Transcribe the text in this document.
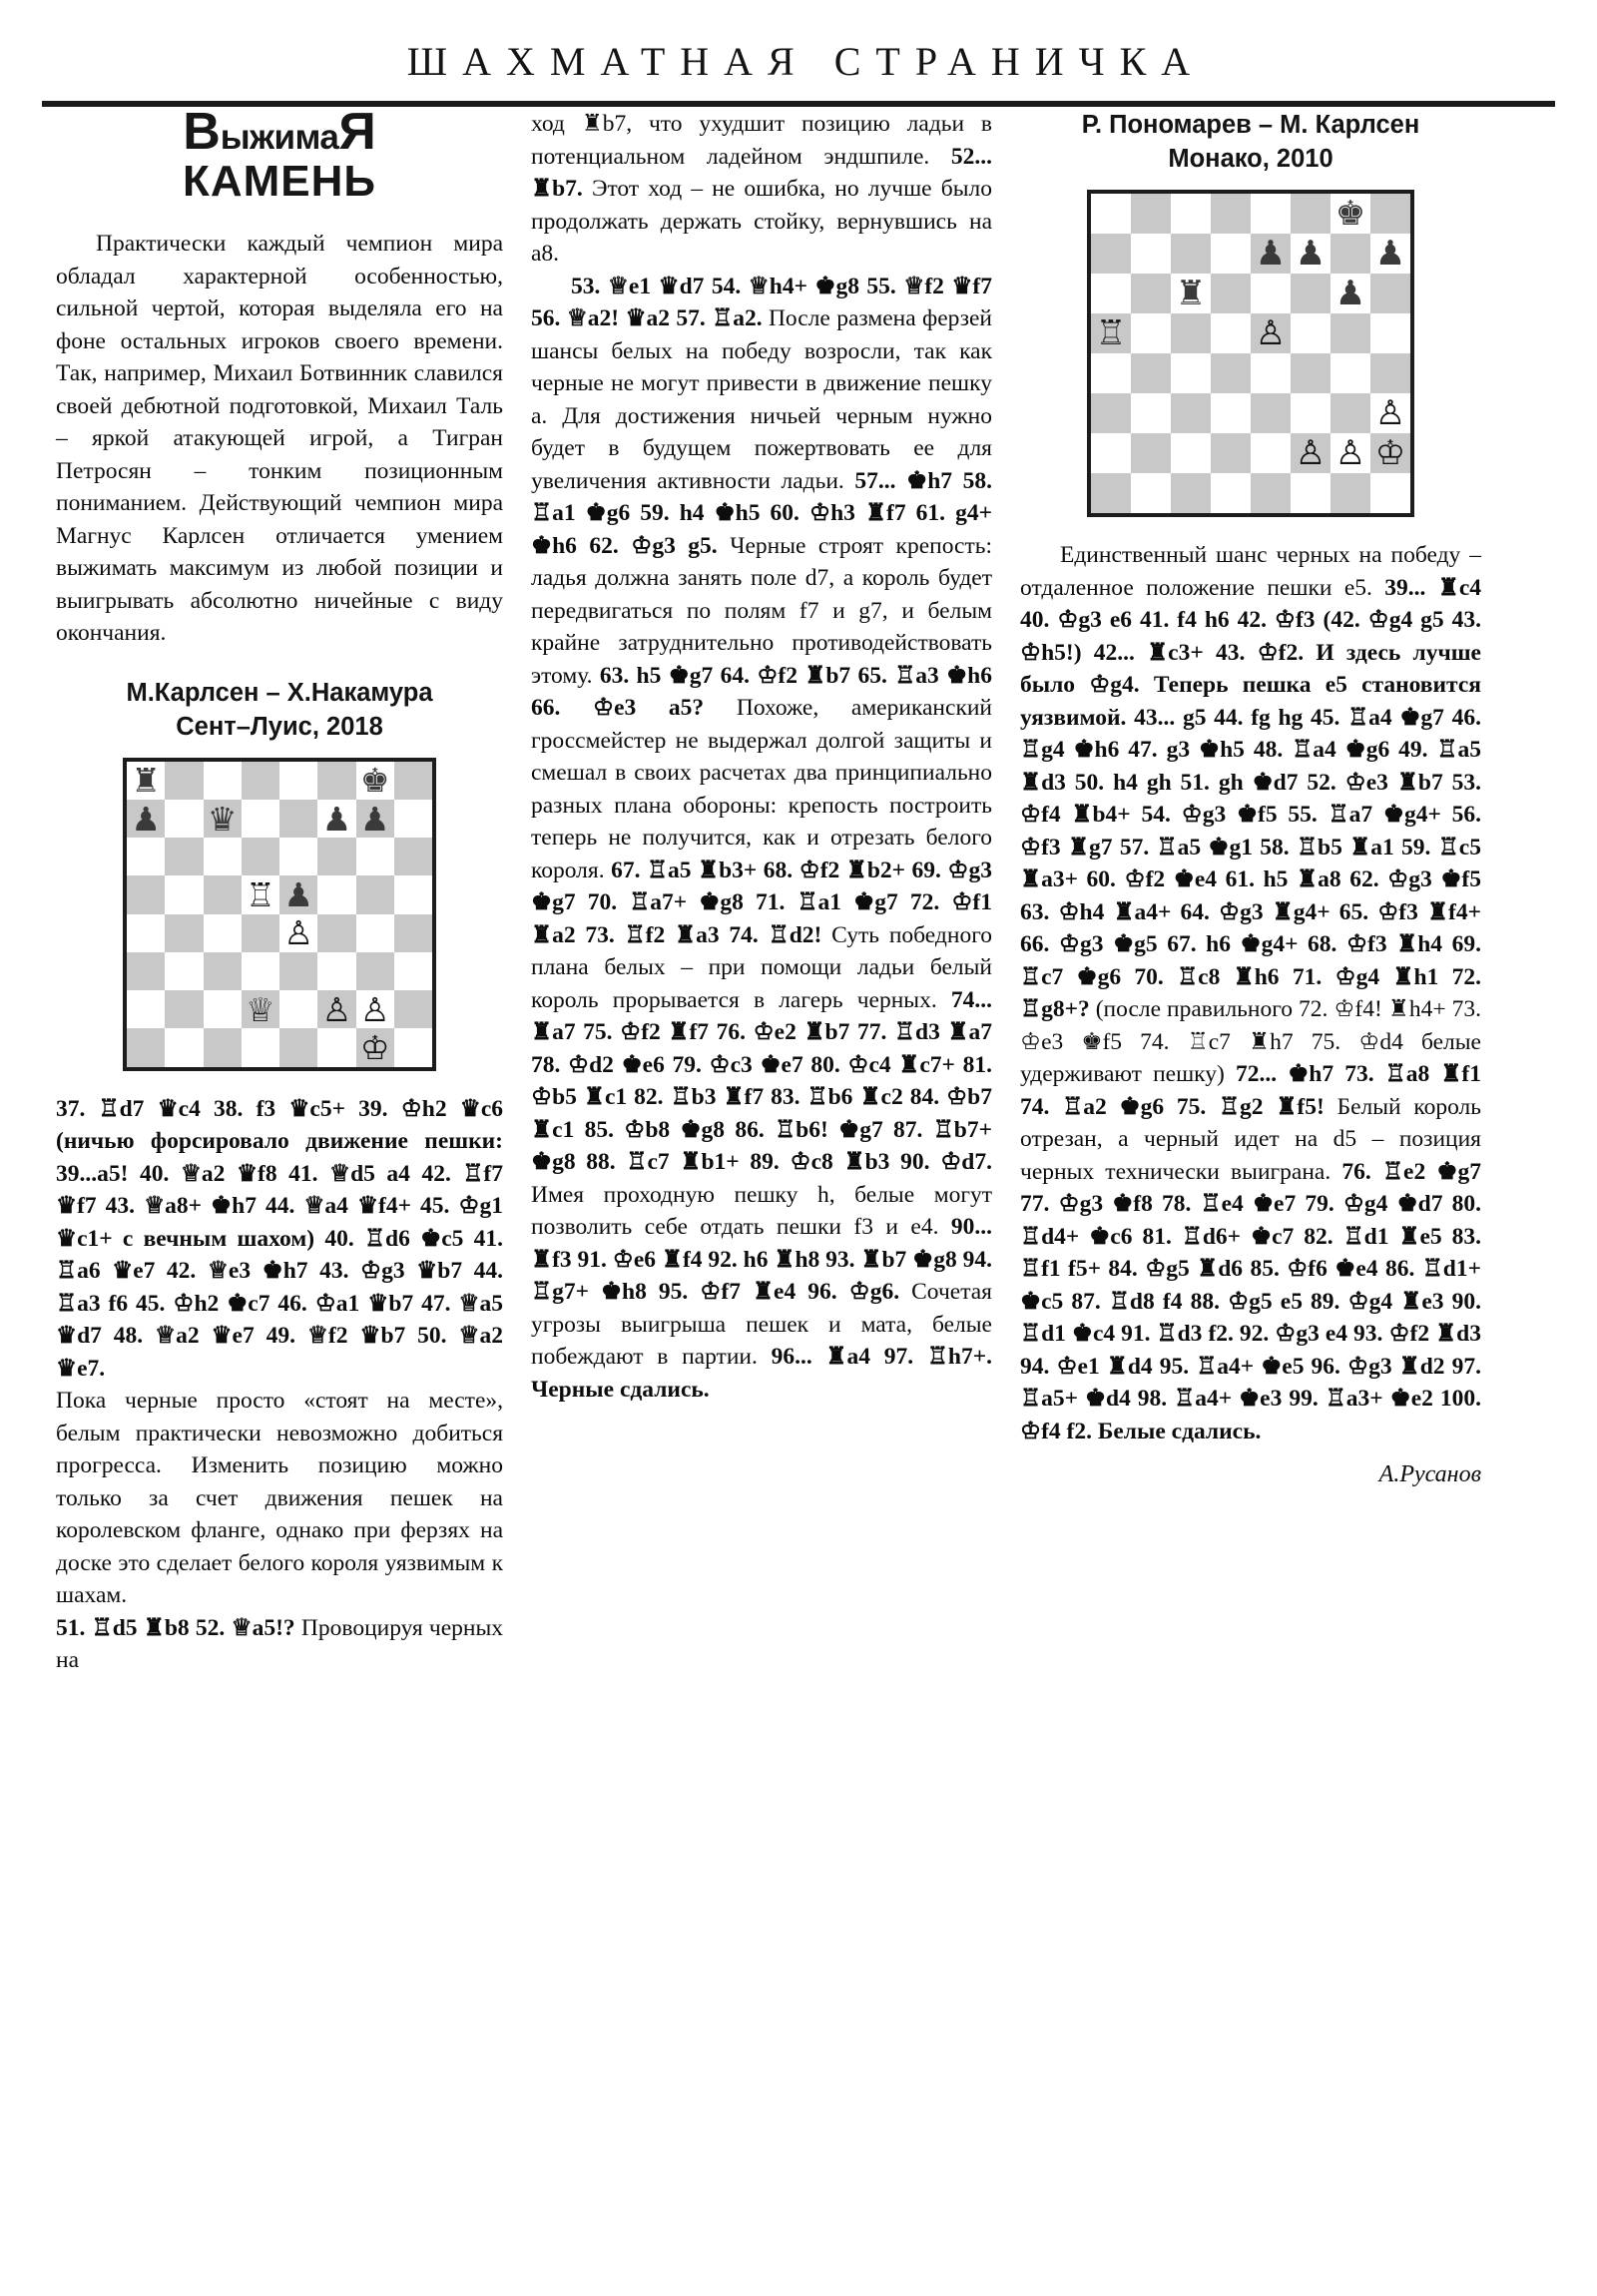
ШАХМАТНАЯ СТРАНИЧКА
ВыжимаЯ
КАМЕНЬ

Практически каждый чемпион мира обладал характерной особенностью, сильной чертой, которая выделяла его на фоне остальных игроков своего времени. Так, например, Михаил Ботвинник славился своей дебютной подготовкой, Михаил Таль – яркой атакующей игрой, а Тигран Петросян – тонким позиционным пониманием. Действующий чемпион мира Магнус Карлсен отличается умением выжимать максимум из любой позиции и выигрывать абсолютно ничейные с виду окончания.

М.Карлсен – Х.Накамура
Сент–Луис, 2018
♜	♚
♟ ♛	♟ ♟
♖ ♟
♙
♕ ♙ ♙
♔
37. ♖d7 ♛c4 38. f3 ♛c5+ 39. ♔h2 ♛c6 (ничью форсировало движение пешки: 39...a5! 40. ♕a2 ♛f8 41. ♕d5 a4 42. ♖f7 ♛f7 43. ♕a8+ ♚h7 44. ♕a4 ♛f4+ 45. ♔g1 ♛c1+ с вечным шахом) 40. ♖d6 ♚c5 41. ♖a6 ♛e7 42. ♕e3 ♚h7 43. ♔g3 ♛b7 44. ♖a3 f6 45. ♔h2 ♚c7 46. ♔a1 ♛b7 47. ♕a5 ♛d7 48. ♕a2 ♛e7 49. ♕f2 ♛b7 50. ♕a2 ♛e7.

Пока черные просто «стоят на месте», белым практически невозможно добиться прогресса. Изменить позицию можно только за счет движения пешек на королевском фланге, однако при ферзях на доске это сделает белого короля уязвимым к шахам.

51. ♖d5 ♜b8 52. ♕a5!? Провоцируя черных на

ход ♜b7, что ухудшит позицию ладьи в потенциальном ладейном эндшпиле. 52... ♜b7. Этот ход – не ошибка, но лучше было продолжать держать стойку, вернувшись на a8.

53. ♕e1 ♛d7 54. ♕h4+ ♚g8 55. ♕f2 ♛f7 56. ♕a2! ♛a2 57. ♖a2. После размена ферзей шансы белых на победу возросли, так как черные не могут привести в движение пешку a. Для достижения ничьей черным нужно будет в будущем пожертвовать ее для увеличения активности ладьи. 57... ♚h7 58. ♖a1 ♚g6 59. h4 ♚h5 60. ♔h3 ♜f7 61. g4+ ♚h6 62. ♔g3 g5. Черные строят крепость: ладья должна занять поле d7, а король будет передвигаться по полям f7 и g7, и белым крайне затруднительно противодействовать этому. 63. h5 ♚g7 64. ♔f2 ♜b7 65. ♖a3 ♚h6 66. ♔e3 a5? Похоже, американский гроссмейстер не выдержал долгой защиты и смешал в своих расчетах два принципиально разных плана обороны: крепость построить теперь не получится, как и отрезать белого короля. 67. ♖a5 ♜b3+ 68. ♔f2 ♜b2+ 69. ♔g3 ♚g7 70. ♖a7+ ♚g8 71. ♖a1 ♚g7 72. ♔f1 ♜a2 73. ♖f2 ♜a3 74. ♖d2! Суть победного плана белых – при помощи ладьи белый король прорывается в лагерь черных. 74... ♜a7 75. ♔f2 ♜f7 76. ♔e2 ♜b7 77. ♖d3 ♜a7 78. ♔d2 ♚e6 79. ♔c3 ♚e7 80. ♔c4 ♜c7+ 81. ♔b5 ♜c1 82. ♖b3 ♜f7 83. ♖b6 ♜c2 84. ♔b7 ♜c1 85. ♔b8 ♚g8 86. ♖b6! ♚g7 87. ♖b7+ ♚g8 88. ♖c7 ♜b1+ 89. ♔c8 ♜b3 90. ♔d7. Имея проходную пешку h, белые могут позволить себе отдать пешки f3 и e4. 90... ♜f3 91. ♔e6 ♜f4 92. h6 ♜h8 93. ♜b7 ♚g8 94. ♖g7+ ♚h8 95. ♔f7 ♜e4 96. ♔g6. Сочетая угрозы выигрыша пешек и мата, белые побеждают в партии. 96... ♜a4 97. ♖h7+. Черные сдались.

Р. Пономарев – М. Карлсен
Монако, 2010
♚
♟ ♟ ♟
♜	♟
♖	♙
♙
♙ ♙ ♔

Единственный шанс черных на победу – отдаленное положение пешки e5. 39... ♜c4 40. ♔g3 e6 41. f4 h6 42. ♔f3 (42. ♔g4 g5 43. ♔h5!) 42... ♜c3+ 43. ♔f2. И здесь лучше было ♔g4. Теперь пешка e5 становится уязвимой. 43... g5 44. fg hg 45. ♖a4 ♚g7 46. ♖g4 ♚h6 47. g3 ♚h5 48. ♖a4 ♚g6 49. ♖a5 ♜d3 50. h4 gh 51. gh ♚d7 52. ♔e3 ♜b7 53. ♔f4 ♜b4+ 54. ♔g3 ♚f5 55. ♖a7 ♚g4+ 56. ♔f3 ♜g7 57. ♖a5 ♚g1 58. ♖b5 ♜a1 59. ♖c5 ♜a3+ 60. ♔f2 ♚e4 61. h5 ♜a8 62. ♔g3 ♚f5 63. ♔h4 ♜a4+ 64. ♔g3 ♜g4+ 65. ♔f3 ♜f4+ 66. ♔g3 ♚g5 67. h6 ♚g4+ 68. ♔f3 ♜h4 69. ♖c7 ♚g6 70. ♖c8 ♜h6 71. ♔g4 ♜h1 72. ♖g8+? (после правильного 72. ♔f4! ♜h4+ 73. ♔e3 ♚f5 74. ♖c7 ♜h7 75. ♔d4 белые удерживают пешку) 72... ♚h7 73. ♖a8 ♜f1 74. ♖a2 ♚g6 75. ♖g2 ♜f5! Белый король отрезан, а черный идет на d5 – позиция черных технически выиграна. 76. ♖e2 ♚g7 77. ♔g3 ♚f8 78. ♖e4 ♚e7 79. ♔g4 ♚d7 80. ♖d4+ ♚c6 81. ♖d6+ ♚c7 82. ♖d1 ♜e5 83. ♖f1 f5+ 84. ♔g5 ♜d6 85. ♔f6 ♚e4 86. ♖d1+ ♚c5 87. ♖d8 f4 88. ♔g5 e5 89. ♔g4 ♜e3 90. ♖d1 ♚c4 91. ♖d3 f2. 92. ♔g3 e4 93. ♔f2 ♜d3 94. ♔e1 ♜d4 95. ♖a4+ ♚e5 96. ♔g3 ♜d2 97. ♖a5+ ♚d4 98. ♖a4+ ♚e3 99. ♖a3+ ♚e2 100. ♔f4 f2. Белые сдались.

А.Русанов
